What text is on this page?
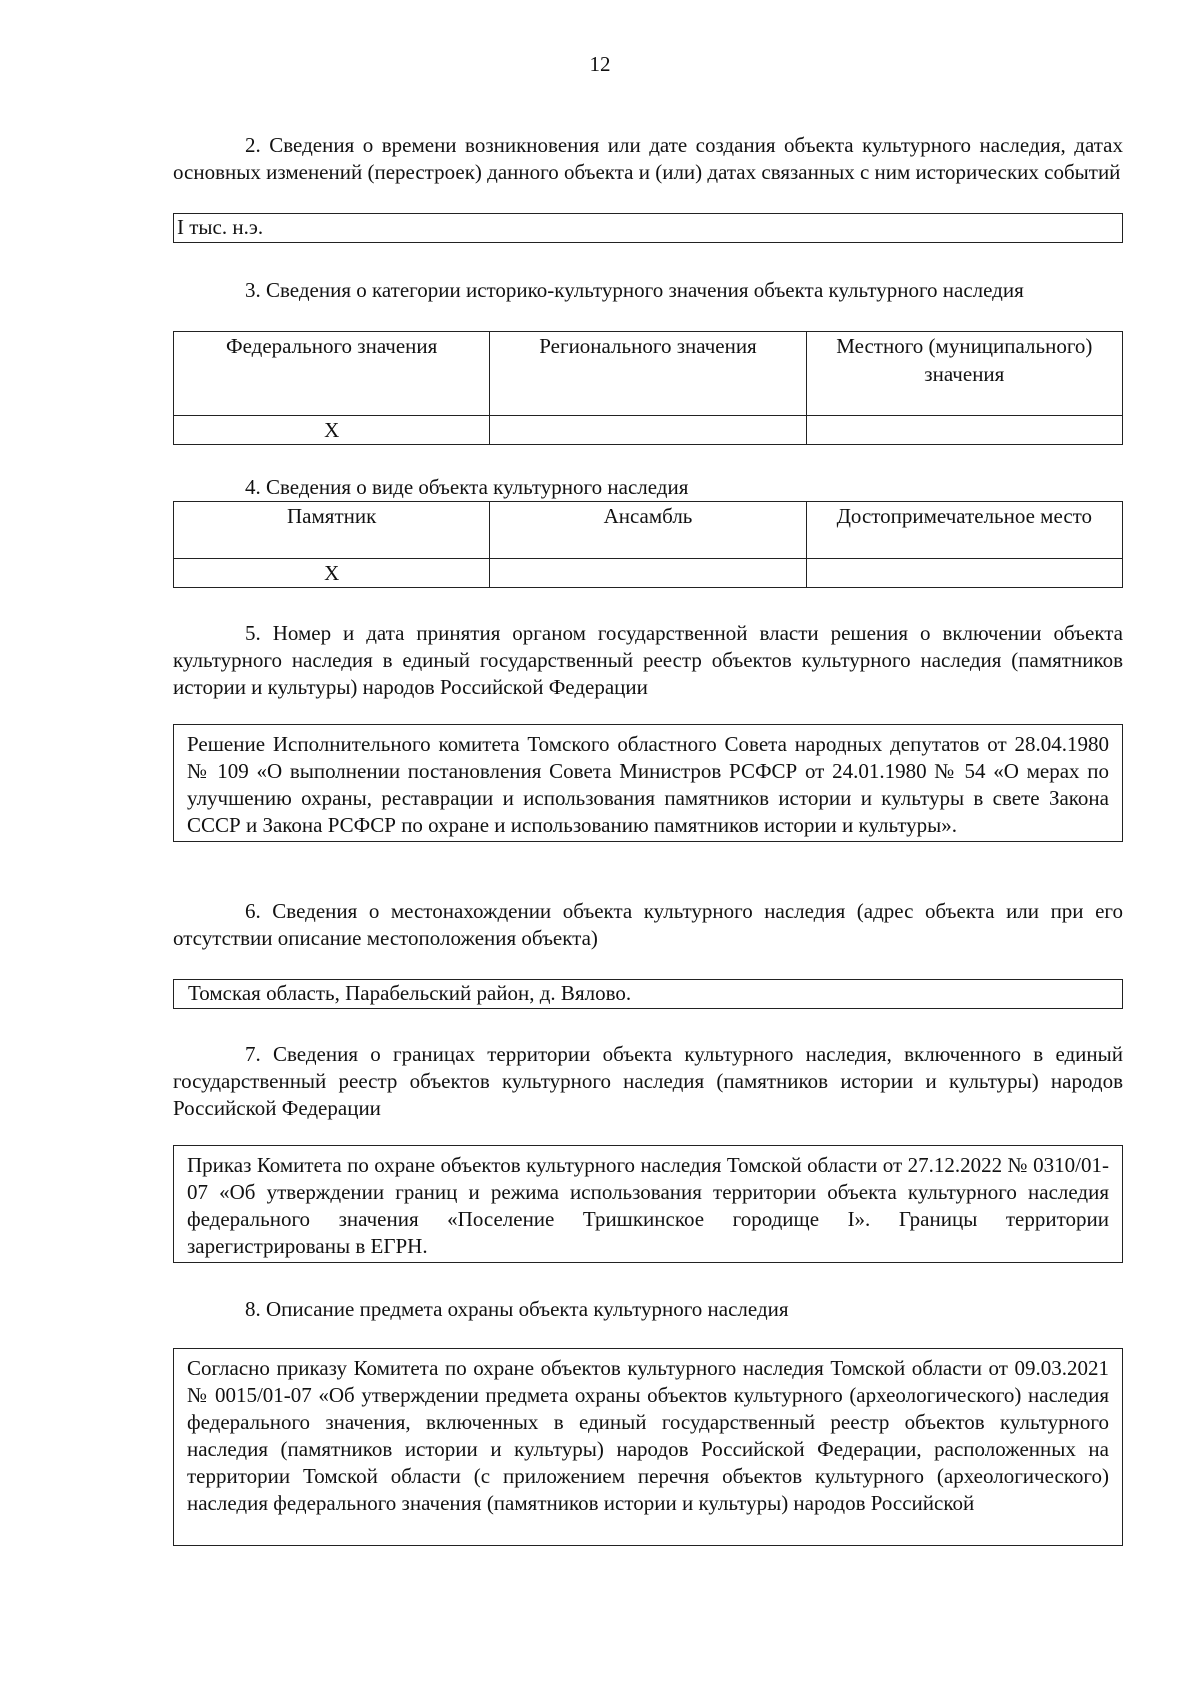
12

2. Сведения о времени возникновения или дате создания объекта культурного наследия, датах основных изменений (перестроек) данного объекта и (или) датах связанных с ним исторических событий

I тыс. н.э.

3. Сведения о категории историко-культурного значения объекта культурного наследия

Федерального значения	Регионального значения	Местного (муниципального) значения
X		

4. Сведения о виде объекта культурного наследия

Памятник	Ансамбль	Достопримечательное место
X		

5. Номер и дата принятия органом государственной власти решения о включении объекта культурного наследия в единый государственный реестр объектов культурного наследия (памятников истории и культуры) народов Российской Федерации

Решение Исполнительного комитета Томского областного Совета народных депутатов от 28.04.1980 № 109 «О выполнении постановления Совета Министров РСФСР от 24.01.1980 № 54 «О мерах по улучшению охраны, реставрации и использования памятников истории и культуры в свете Закона СССР и Закона РСФСР по охране и использованию памятников истории и культуры».

6. Сведения о местонахождении объекта культурного наследия (адрес объекта или при его отсутствии описание местоположения объекта)

Томская область, Парабельский район, д. Вялово.

7. Сведения о границах территории объекта культурного наследия, включенного в единый государственный реестр объектов культурного наследия (памятников истории и культуры) народов Российской Федерации

Приказ Комитета по охране объектов культурного наследия Томской области от 27.12.2022 № 0310/01-07 «Об утверждении границ и режима использования территории объекта культурного наследия федерального значения «Поселение Тришкинское городище I». Границы территории зарегистрированы в ЕГРН.

8. Описание предмета охраны объекта культурного наследия

Согласно приказу Комитета по охране объектов культурного наследия Томской области от 09.03.2021 № 0015/01-07 «Об утверждении предмета охраны объектов культурного (археологического) наследия федерального значения, включенных в единый государственный реестр объектов культурного наследия (памятников истории и культуры) народов Российской Федерации, расположенных на территории Томской области (с приложением перечня объектов культурного (археологического) наследия федерального значения (памятников истории и культуры) народов Российской
